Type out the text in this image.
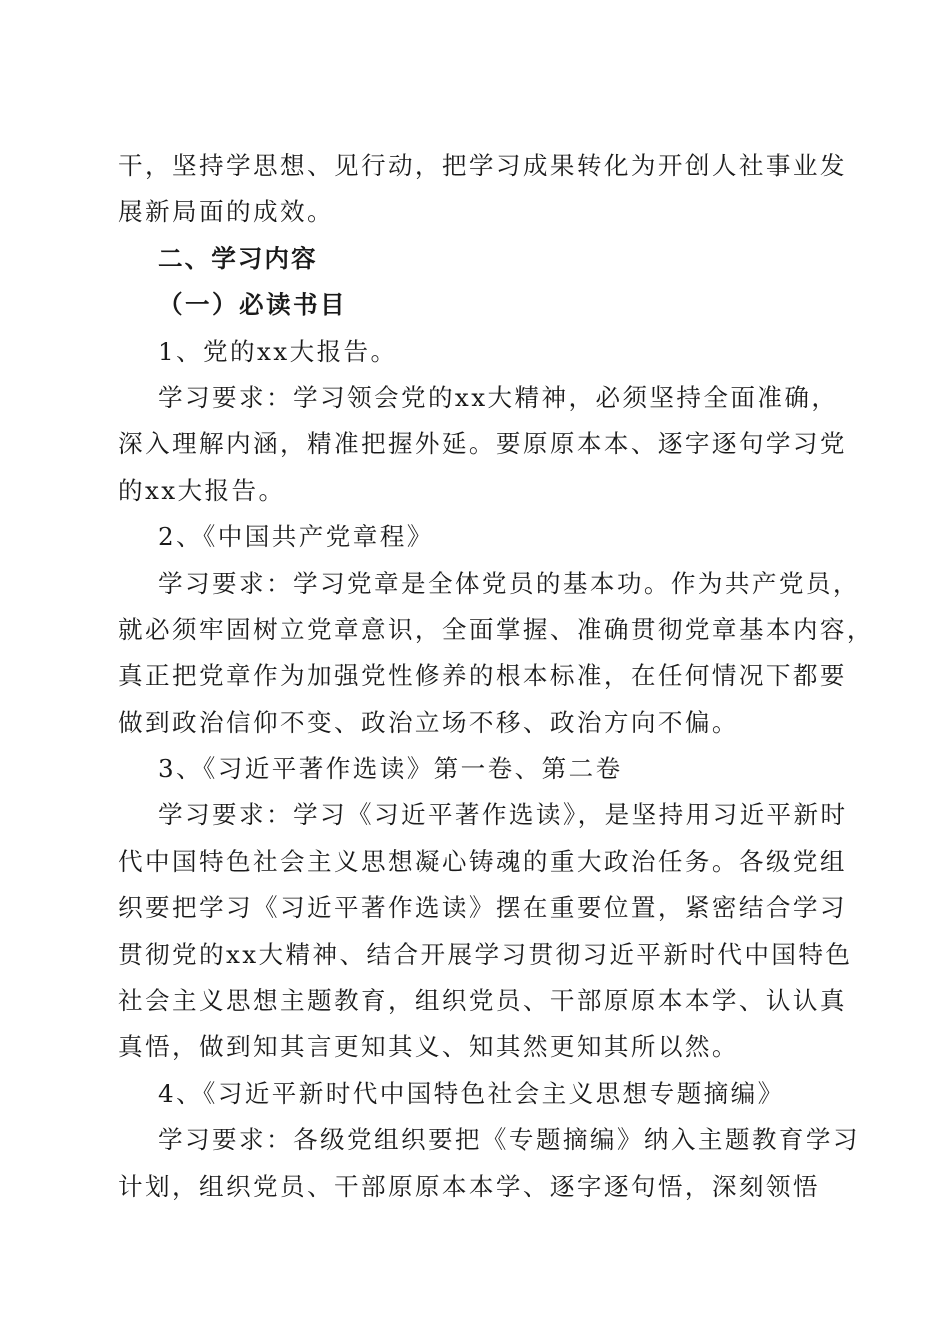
干，坚持学思想、见行动，把学习成果转化为开创人社事业发
展新局面的成效。
二、学习内容
（一）必读书目
1、党的xx大报告。
学习要求：学习领会党的xx大精神，必须坚持全面准确，
深入理解内涵，精准把握外延。要原原本本、逐字逐句学习党
的xx大报告。
2、《中国共产党章程》
学习要求：学习党章是全体党员的基本功。作为共产党员，
就必须牢固树立党章意识，全面掌握、准确贯彻党章基本内容，
真正把党章作为加强党性修养的根本标准，在任何情况下都要
做到政治信仰不变、政治立场不移、政治方向不偏。
3、《习近平著作选读》第一卷、第二卷
学习要求：学习《习近平著作选读》，是坚持用习近平新时
代中国特色社会主义思想凝心铸魂的重大政治任务。各级党组
织要把学习《习近平著作选读》摆在重要位置，紧密结合学习
贯彻党的xx大精神、结合开展学习贯彻习近平新时代中国特色
社会主义思想主题教育，组织党员、干部原原本本学、认认真
真悟，做到知其言更知其义、知其然更知其所以然。
4、《习近平新时代中国特色社会主义思想专题摘编》
学习要求：各级党组织要把《专题摘编》纳入主题教育学习
计划，组织党员、干部原原本本学、逐字逐句悟，深刻领悟
